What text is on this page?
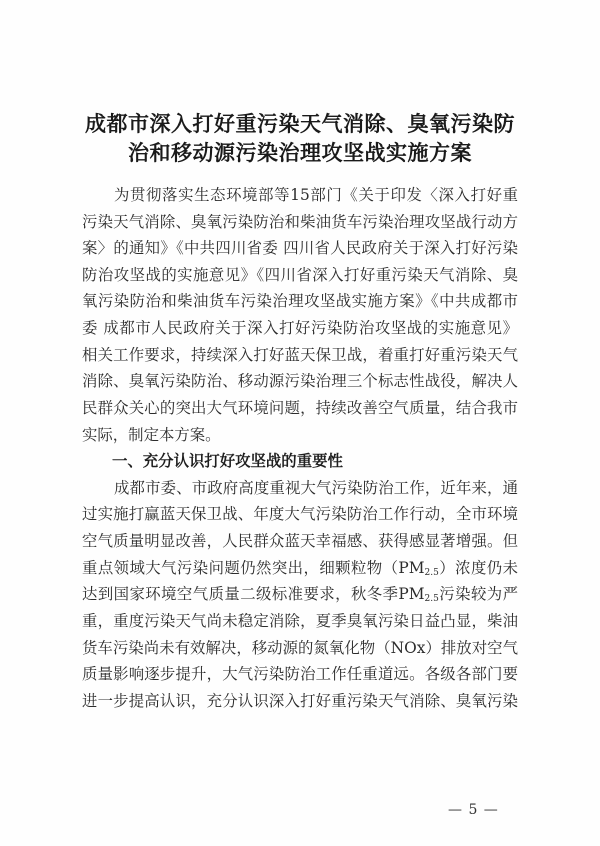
成都市深入打好重污染天气消除、臭氧污染防
治和移动源污染治理攻坚战实施方案
为贯彻落实生态环境部等15部门《关于印发〈深入打好重
污染天气消除、臭氧污染防治和柴油货车污染治理攻坚战行动方
案〉的通知》《中共四川省委 四川省人民政府关于深入打好污染
防治攻坚战的实施意见》《四川省深入打好重污染天气消除、臭
氧污染防治和柴油货车污染治理攻坚战实施方案》《中共成都市
委 成都市人民政府关于深入打好污染防治攻坚战的实施意见》
相关工作要求，持续深入打好蓝天保卫战，着重打好重污染天气
消除、臭氧污染防治、移动源污染治理三个标志性战役，解决人
民群众关心的突出大气环境问题，持续改善空气质量，结合我市
实际，制定本方案。
一、充分认识打好攻坚战的重要性
成都市委、市政府高度重视大气污染防治工作，近年来，通
过实施打赢蓝天保卫战、年度大气污染防治工作行动，全市环境
空气质量明显改善，人民群众蓝天幸福感、获得感显著增强。但
重点领域大气污染问题仍然突出，细颗粒物$(PM_{2.5})$浓度仍未
达到国家环境空气质量二级标准要求，秋冬季$PM_{2.5}$污染较为严
重，重度污染天气尚未稳定消除，夏季臭氧污染日益凸显，柴油
货车污染尚未有效解决，移动源的氮氧化物（NOx）排放对空气
质量影响逐步提升，大气污染防治工作任重道远。各级各部门要
进一步提高认识，充分认识深入打好重污染天气消除、臭氧污染
— 5 —
